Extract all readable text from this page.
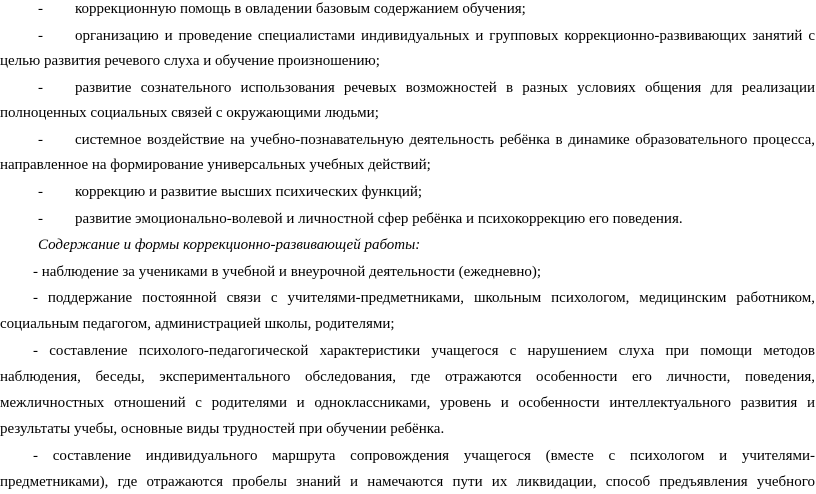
- коррекционную помощь в овладении базовым содержанием обучения;
- организацию и проведение специалистами индивидуальных и групповых коррекционно-развивающих занятий с
целью развития речевого слуха и обучение произношению;
- развитие сознательного использования речевых возможностей в разных условиях общения для реализации
полноценных социальных связей с окружающими людьми;
- системное воздействие на учебно-познавательную деятельность ребёнка в динамике образовательного процесса,
направленное на формирование универсальных учебных действий;
- коррекцию и развитие высших психических функций;
- развитие эмоционально-волевой и личностной сфер ребёнка и психокоррекцию его поведения.
Содержание и формы коррекционно-развивающей работы:
- наблюдение за учениками в учебной и внеурочной деятельности (ежедневно);
- поддержание постоянной связи с учителями-предметниками, школьным психологом, медицинским работником,
социальным педагогом, администрацией школы, родителями;
- составление психолого-педагогической характеристики учащегося с нарушением слуха при помощи методов
наблюдения, беседы, экспериментального обследования, где отражаются особенности его личности, поведения,
межличностных отношений с родителями и одноклассниками, уровень и особенности интеллектуального развития и
результаты учебы, основные виды трудностей при обучении ребёнка.
- составление индивидуального маршрута сопровождения учащегося (вместе с психологом и учителями-
предметниками), где отражаются пробелы знаний и намечаются пути их ликвидации, способ предъявления учебного
